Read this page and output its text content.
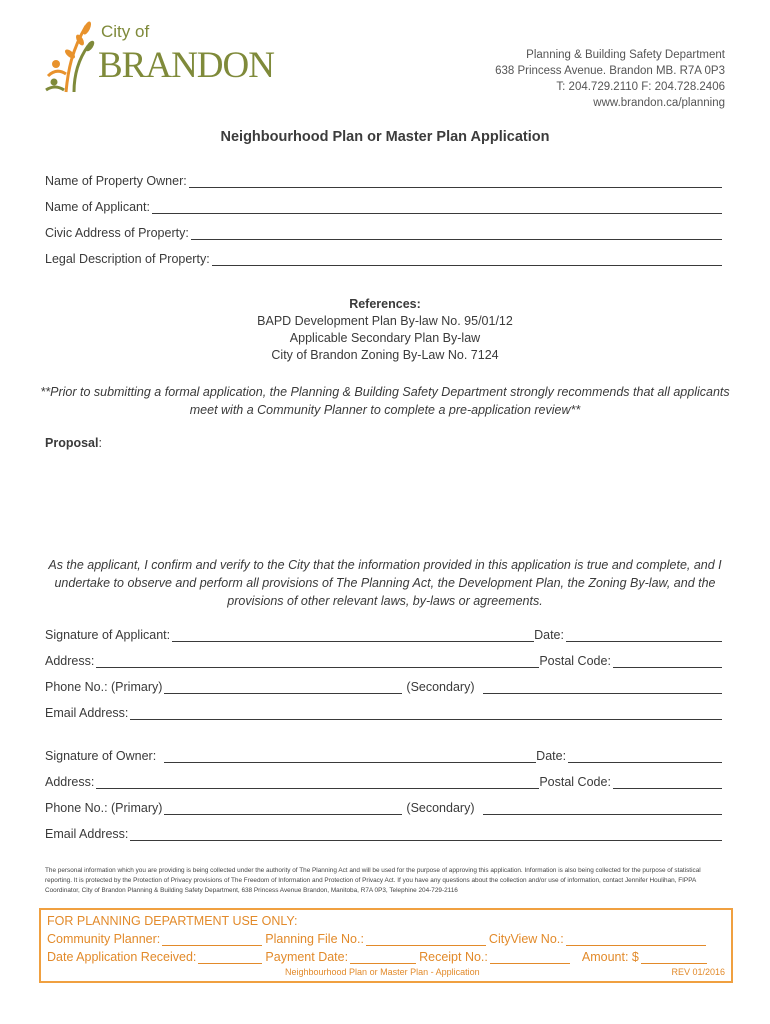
City of
BRANDON	Planning & Building Safety Department
638 Princess Avenue. Brandon MB. R7A 0P3
T: 204.729.2110 F: 204.728.2406
www.brandon.ca/planning
Neighbourhood Plan or Master Plan Application
Name of Property Owner:
Name of Applicant:
Civic Address of Property:
Legal Description of Property:
References:
BAPD Development Plan By-law No. 95/01/12
Applicable Secondary Plan By-law
City of Brandon Zoning By-Law No. 7124
**Prior to submitting a formal application, the Planning & Building Safety Department strongly recommends that all applicants meet with a Community Planner to complete a pre-application review**
Proposal:
As the applicant, I confirm and verify to the City that the information provided in this application is true and complete, and I undertake to observe and perform all provisions of The Planning Act, the Development Plan, the Zoning By-law, and the provisions of other relevant laws, by-laws or agreements.
Signature of Applicant:	Date:
Address:	Postal Code:
Phone No.: (Primary)	(Secondary)
Email Address:
Signature of Owner:	Date:
Address:	Postal Code:
Phone No.: (Primary)	(Secondary)
Email Address:
The personal information which you are providing is being collected under the authority of The Planning Act and will be used for the purpose of approving this application. Information is also being collected for the purpose of statistical reporting. It is protected by the Protection of Privacy provisions of The Freedom of Information and Protection of Privacy Act. If you have any questions about the collection and/or use of information, contact Jennifer Houlihan, FIPPA Coordinator, City of Brandon Planning & Building Safety Department, 638 Princess Avenue Brandon, Manitoba, R7A 0P3, Telephine 204-729-2116
FOR PLANNING DEPARTMENT USE ONLY:
Community Planner:	Planning File No.:	CityView No.:
Date Application Received:	Payment Date:	Receipt No.:	Amount: $
Neighbourhood Plan or Master Plan - Application	REV 01/2016
